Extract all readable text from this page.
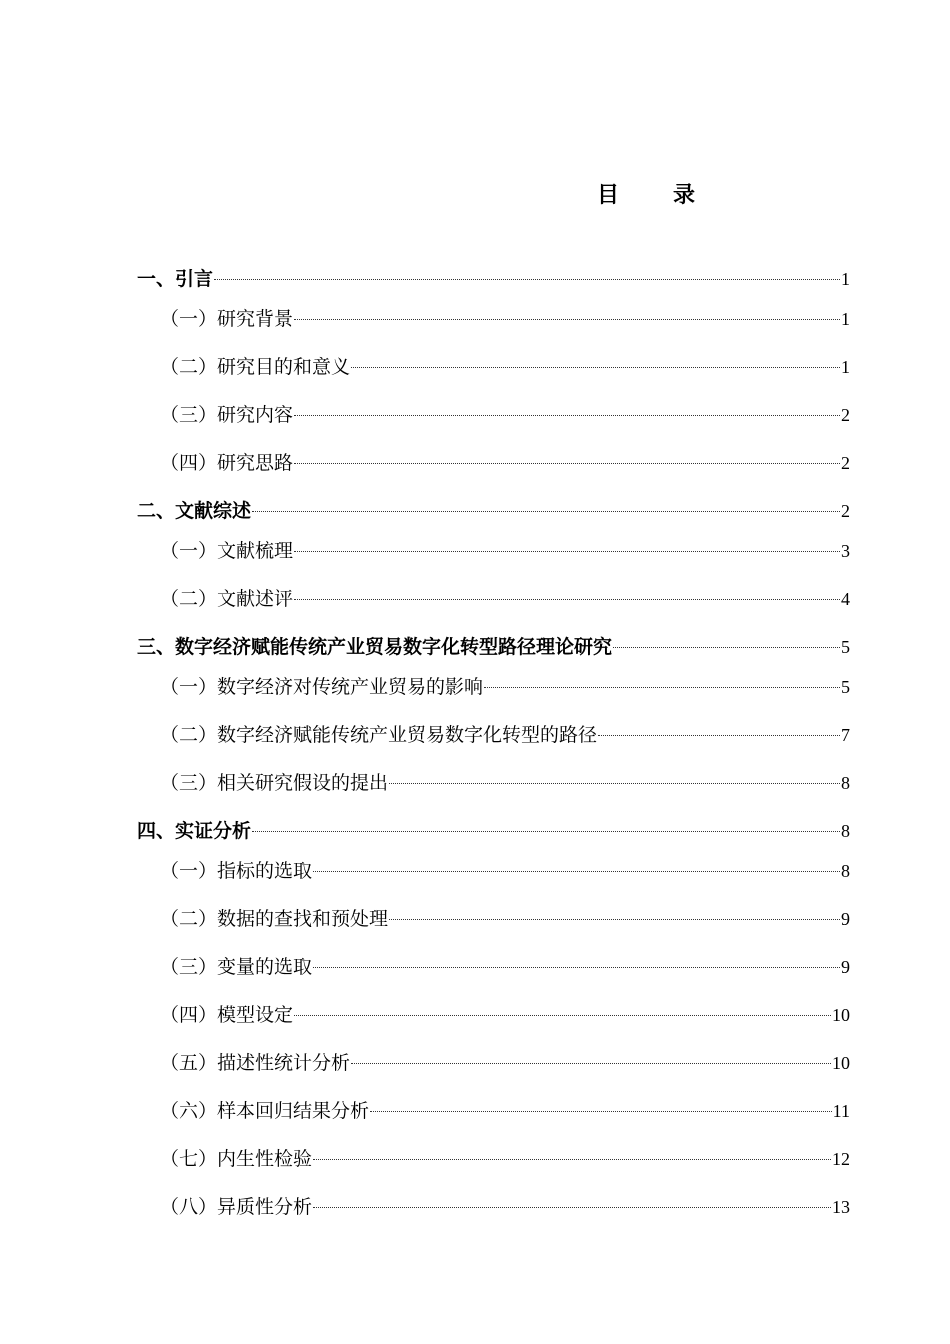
目 录
一、引言	1
（一）研究背景	1
（二）研究目的和意义	1
（三）研究内容	2
（四）研究思路	2
二、文献综述	2
（一）文献梳理	3
（二）文献述评	4
三、数字经济赋能传统产业贸易数字化转型路径理论研究	5
（一）数字经济对传统产业贸易的影响	5
（二）数字经济赋能传统产业贸易数字化转型的路径	7
（三）相关研究假设的提出	8
四、实证分析	8
（一）指标的选取	8
（二）数据的查找和预处理	9
（三）变量的选取	9
（四）模型设定	10
（五）描述性统计分析	10
（六）样本回归结果分析	11
（七）内生性检验	12
（八）异质性分析	13
